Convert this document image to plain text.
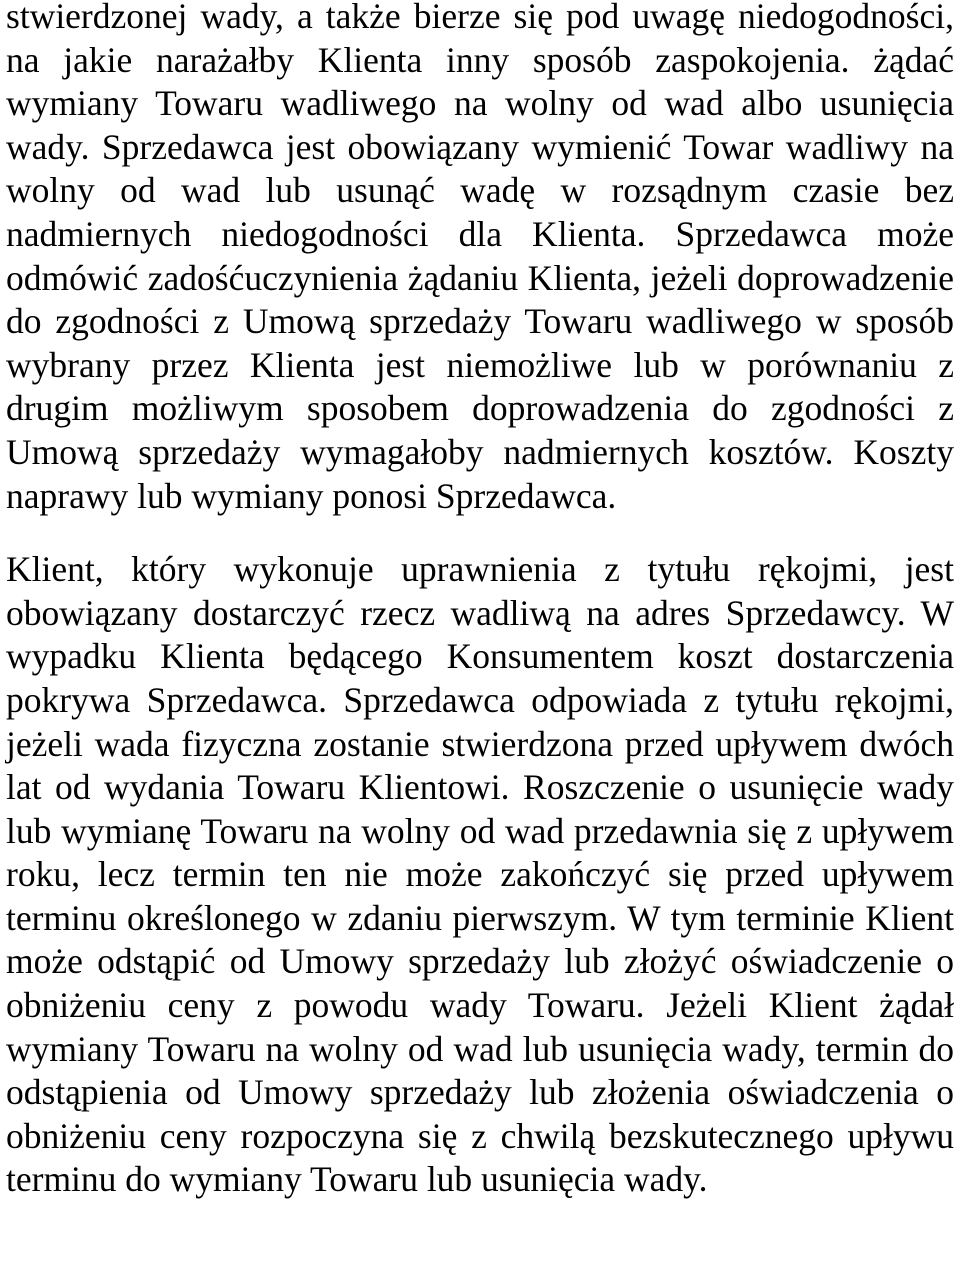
stwierdzonej wady, a także bierze się pod uwagę niedogodności, na jakie narażałby Klienta inny sposób zaspokojenia. żądać wymiany Towaru wadliwego na wolny od wad albo usunięcia wady. Sprzedawca jest obowiązany wymienić Towar wadliwy na wolny od wad lub usunąć wadę w rozsądnym czasie bez nadmiernych niedogodności dla Klienta. Sprzedawca może odmówić zadośćuczynienia żądaniu Klienta, jeżeli doprowadzenie do zgodności z Umową sprzedaży Towaru wadliwego w sposób wybrany przez Klienta jest niemożliwe lub w porównaniu z drugim możliwym sposobem doprowadzenia do zgodności z Umową sprzedaży wymagałoby nadmiernych kosztów. Koszty naprawy lub wymiany ponosi Sprzedawca.

Klient, który wykonuje uprawnienia z tytułu rękojmi, jest obowiązany dostarczyć rzecz wadliwą na adres Sprzedawcy. W wypadku Klienta będącego Konsumentem koszt dostarczenia pokrywa Sprzedawca. Sprzedawca odpowiada z tytułu rękojmi, jeżeli wada fizyczna zostanie stwierdzona przed upływem dwóch lat od wydania Towaru Klientowi. Roszczenie o usunięcie wady lub wymianę Towaru na wolny od wad przedawnia się z upływem roku, lecz termin ten nie może zakończyć się przed upływem terminu określonego w zdaniu pierwszym. W tym terminie Klient może odstąpić od Umowy sprzedaży lub złożyć oświadczenie o obniżeniu ceny z powodu wady Towaru. Jeżeli Klient żądał wymiany Towaru na wolny od wad lub usunięcia wady, termin do odstąpienia od Umowy sprzedaży lub złożenia oświadczenia o obniżeniu ceny rozpoczyna się z chwilą bezskutecznego upływu terminu do wymiany Towaru lub usunięcia wady.
